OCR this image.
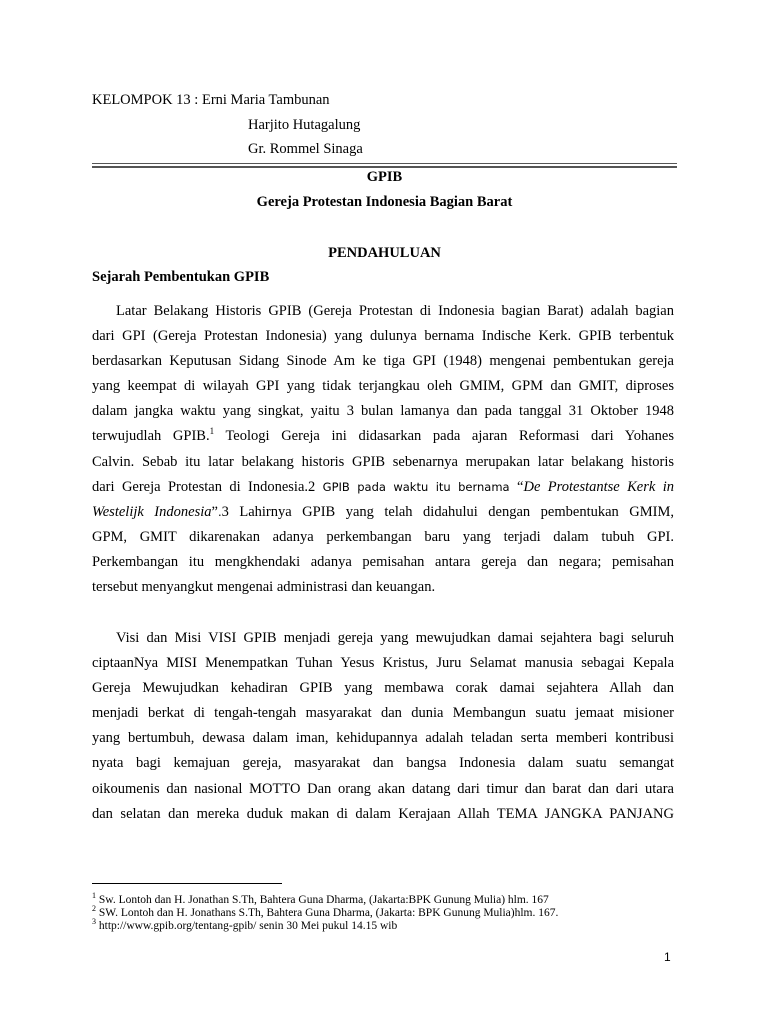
KELOMPOK 13 : Erni Maria Tambunan
Harjito Hutagalung
Gr. Rommel Sinaga
GPIB
Gereja Protestan Indonesia Bagian Barat
PENDAHULUAN
Sejarah Pembentukan GPIB
Latar Belakang Historis GPIB (Gereja Protestan di Indonesia bagian Barat) adalah bagian
dari GPI (Gereja Protestan Indonesia) yang dulunya bernama Indische Kerk. GPIB terbentuk
berdasarkan Keputusan Sidang Sinode Am ke tiga GPI (1948) mengenai pembentukan gereja
yang keempat di wilayah GPI yang tidak terjangkau oleh GMIM, GPM dan GMIT, diproses
dalam jangka waktu yang singkat, yaitu 3 bulan lamanya dan pada tanggal 31 Oktober 1948
terwujudlah GPIB.$^1$ Teologi Gereja ini didasarkan pada ajaran Reformasi dari Yohanes
Calvin. Sebab itu latar belakang historis GPIB sebenarnya merupakan latar belakang historis
dari Gereja Protestan di Indonesia.2 GPIB pada waktu itu bernama “De Protestantse Kerk in
Westelijk Indonesia”.3 Lahirnya GPIB yang telah didahului dengan pembentukan GMIM,
GPM, GMIT dikarenakan adanya perkembangan baru yang terjadi dalam tubuh GPI.
Perkembangan itu mengkhendaki adanya pemisahan antara gereja dan negara; pemisahan
tersebut menyangkut mengenai administrasi dan keuangan.
Visi dan Misi VISI GPIB menjadi gereja yang mewujudkan damai sejahtera bagi seluruh
ciptaanNya MISI Menempatkan Tuhan Yesus Kristus, Juru Selamat manusia sebagai Kepala
Gereja Mewujudkan kehadiran GPIB yang membawa corak damai sejahtera Allah dan
menjadi berkat di tengah-tengah masyarakat dan dunia Membangun suatu jemaat misioner
yang bertumbuh, dewasa dalam iman, kehidupannya adalah teladan serta memberi kontribusi
nyata bagi kemajuan gereja, masyarakat dan bangsa Indonesia dalam suatu semangat
oikoumenis dan nasional MOTTO Dan orang akan datang dari timur dan barat dan dari utara
dan selatan dan mereka duduk makan di dalam Kerajaan Allah TEMA JANGKA PANJANG
$^1$ Sw. Lontoh dan H. Jonathan S.Th, Bahtera Guna Dharma, (Jakarta:BPK Gunung Mulia) hlm. 167
$^2$ SW. Lontoh dan H. Jonathans S.Th, Bahtera Guna Dharma, (Jakarta: BPK Gunung Mulia)hlm. 167.
$^3$ http://www.gpib.org/tentang-gpib/ senin 30 Mei pukul 14.15 wib
1
